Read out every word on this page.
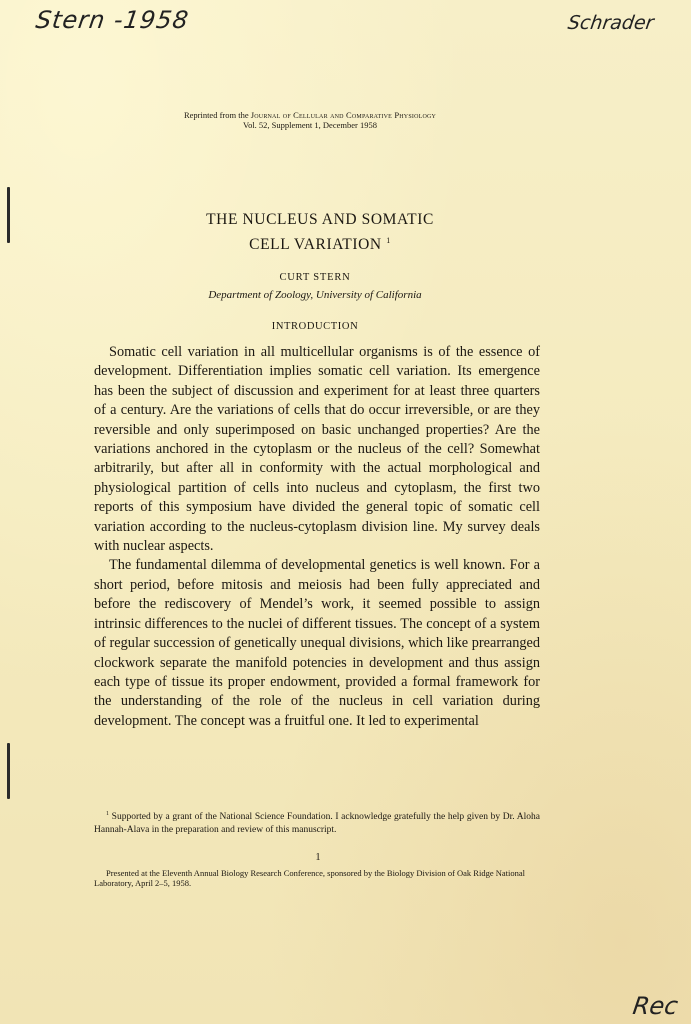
Stern -1958	Schrader
Rec
Reprinted from the Journal of Cellular and Comparative Physiology
Vol. 52, Supplement 1, December 1958
THE NUCLEUS AND SOMATIC
CELL VARIATION $^1$
CURT STERN
Department of Zoology, University of California
INTRODUCTION

Somatic cell variation in all multicellular organisms is of the essence of development. Differentiation implies somatic cell variation. Its emergence has been the subject of discussion and experiment for at least three quarters of a century. Are the variations of cells that do occur irreversible, or are they reversible and only superimposed on basic unchanged properties? Are the variations anchored in the cytoplasm or the nucleus of the cell? Somewhat arbitrarily, but after all in conformity with the actual morphological and physiological partition of cells into nucleus and cytoplasm, the first two reports of this symposium have divided the general topic of somatic cell variation according to the nucleus-cytoplasm division line. My survey deals with nuclear aspects.

The fundamental dilemma of developmental genetics is well known. For a short period, before mitosis and meiosis had been fully appreciated and before the rediscovery of Mendel’s work, it seemed possible to assign intrinsic differences to the nuclei of different tissues. The concept of a system of regular succession of genetically unequal divisions, which like prearranged clockwork separate the manifold potencies in development and thus assign each type of tissue its proper endowment, provided a formal framework for the understanding of the role of the nucleus in cell variation during development. The concept was a fruitful one. It led to experimental

$^1$ Supported by a grant of the National Science Foundation. I acknowledge gratefully the help given by Dr. Aloha Hannah-Alava in the preparation and review of this manuscript.
1
Presented at the Eleventh Annual Biology Research Conference, sponsored by the Biology Division of Oak Ridge National Laboratory, April 2–5, 1958.
